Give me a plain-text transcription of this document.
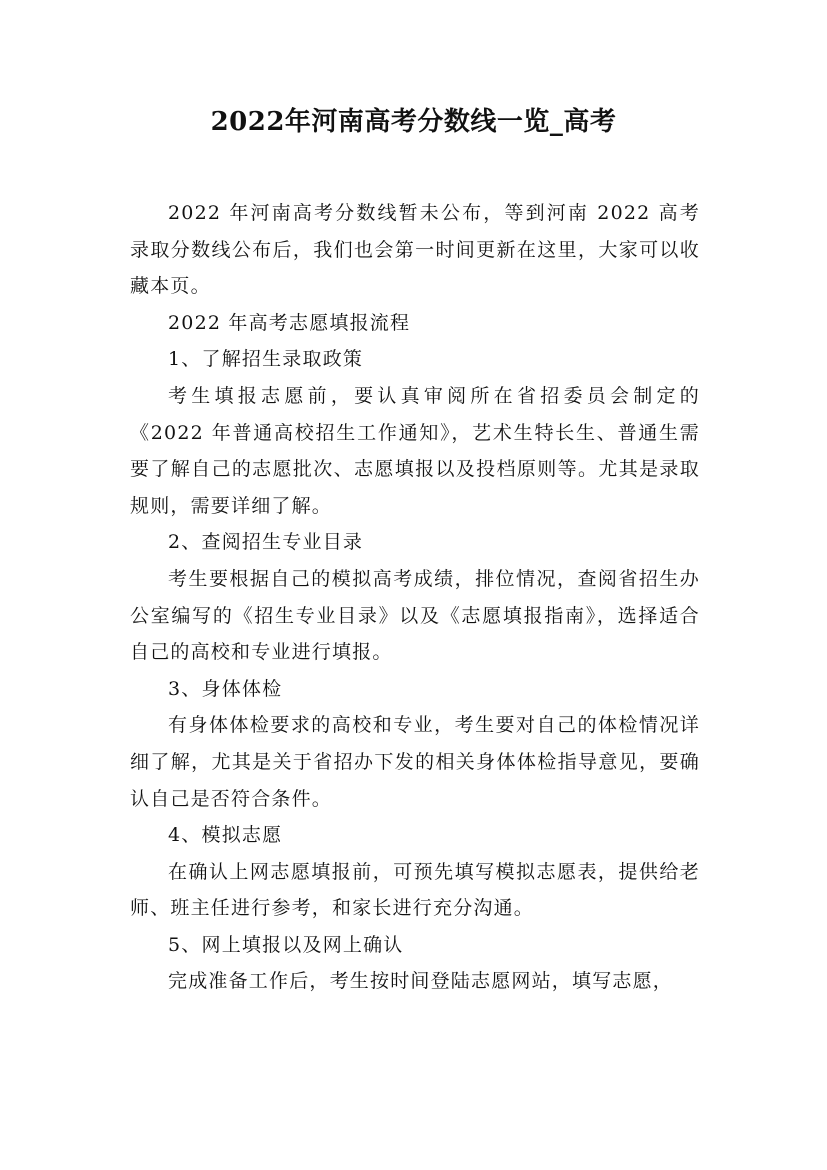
2022年河南高考分数线一览_高考

2022 年河南高考分数线暂未公布，等到河南 2022 高考录取分数线公布后，我们也会第一时间更新在这里，大家可以收藏本页。

2022 年高考志愿填报流程

1、了解招生录取政策

考生填报志愿前，要认真审阅所在省招委员会制定的《2022 年普通高校招生工作通知》，艺术生特长生、普通生需要了解自己的志愿批次、志愿填报以及投档原则等。尤其是录取规则，需要详细了解。

2、查阅招生专业目录

考生要根据自己的模拟高考成绩，排位情况，查阅省招生办公室编写的《招生专业目录》以及《志愿填报指南》，选择适合自己的高校和专业进行填报。

3、身体体检

有身体体检要求的高校和专业，考生要对自己的体检情况详细了解，尤其是关于省招办下发的相关身体体检指导意见，要确认自己是否符合条件。

4、模拟志愿

在确认上网志愿填报前，可预先填写模拟志愿表，提供给老师、班主任进行参考，和家长进行充分沟通。

5、网上填报以及网上确认

完成准备工作后，考生按时间登陆志愿网站，填写志愿，
